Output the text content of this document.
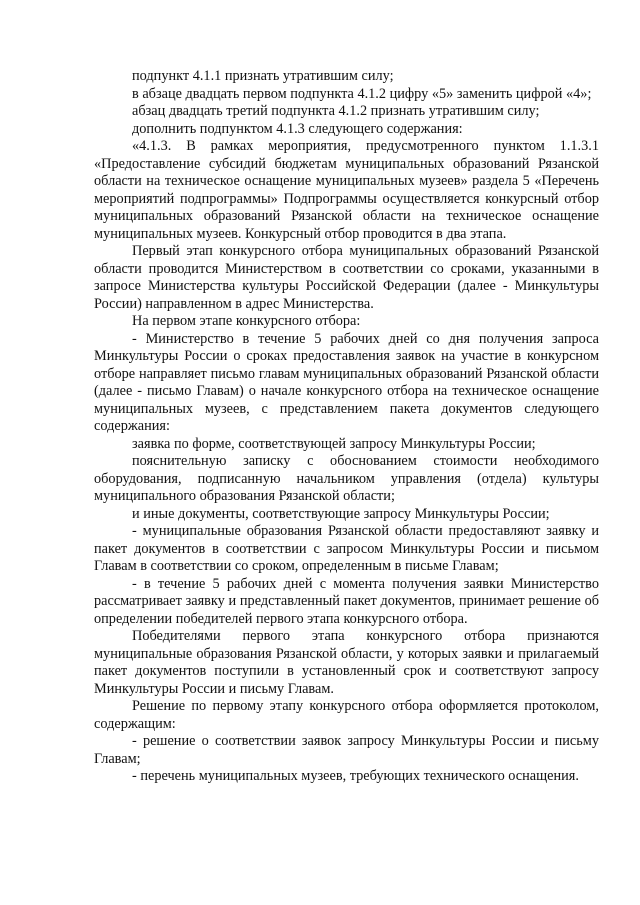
подпункт 4.1.1 признать утратившим силу;

в абзаце двадцать первом подпункта 4.1.2 цифру «5» заменить цифрой «4»;

абзац двадцать третий подпункта 4.1.2 признать утратившим силу;

дополнить подпунктом 4.1.3 следующего содержания:

«4.1.3. В рамках мероприятия, предусмотренного пунктом 1.1.3.1 «Предоставление субсидий бюджетам муниципальных образований Рязанской области на техническое оснащение муниципальных музеев» раздела 5 «Перечень мероприятий подпрограммы» Подпрограммы осуществляется конкурсный отбор муниципальных образований Рязанской области на техническое оснащение муниципальных музеев. Конкурсный отбор проводится в два этапа.

Первый этап конкурсного отбора муниципальных образований Рязанской области проводится Министерством в соответствии со сроками, указанными в запросе Министерства культуры Российской Федерации (далее - Минкультуры России) направленном в адрес Министерства.

На первом этапе конкурсного отбора:

- Министерство в течение 5 рабочих дней со дня получения запроса Минкультуры России о сроках предоставления заявок на участие в конкурсном отборе направляет письмо главам муниципальных образований Рязанской области (далее - письмо Главам) о начале конкурсного отбора на техническое оснащение муниципальных музеев, с представлением пакета документов следующего содержания:

заявка по форме, соответствующей запросу Минкультуры России;

пояснительную записку с обоснованием стоимости необходимого оборудования, подписанную начальником управления (отдела) культуры муниципального образования Рязанской области;

и иные документы, соответствующие запросу Минкультуры России;

- муниципальные образования Рязанской области предоставляют заявку и пакет документов в соответствии с запросом Минкультуры России и письмом Главам в соответствии со сроком, определенным в письме Главам;

- в течение 5 рабочих дней с момента получения заявки Министерство рассматривает заявку и представленный пакет документов, принимает решение об определении победителей первого этапа конкурсного отбора.

Победителями первого этапа конкурсного отбора признаются муниципальные образования Рязанской области, у которых заявки и прилагаемый пакет документов поступили в установленный срок и соответствуют запросу Минкультуры России и письму Главам.

Решение по первому этапу конкурсного отбора оформляется протоколом, содержащим:

- решение о соответствии заявок запросу Минкультуры России и письму Главам;

- перечень муниципальных музеев, требующих технического оснащения.
